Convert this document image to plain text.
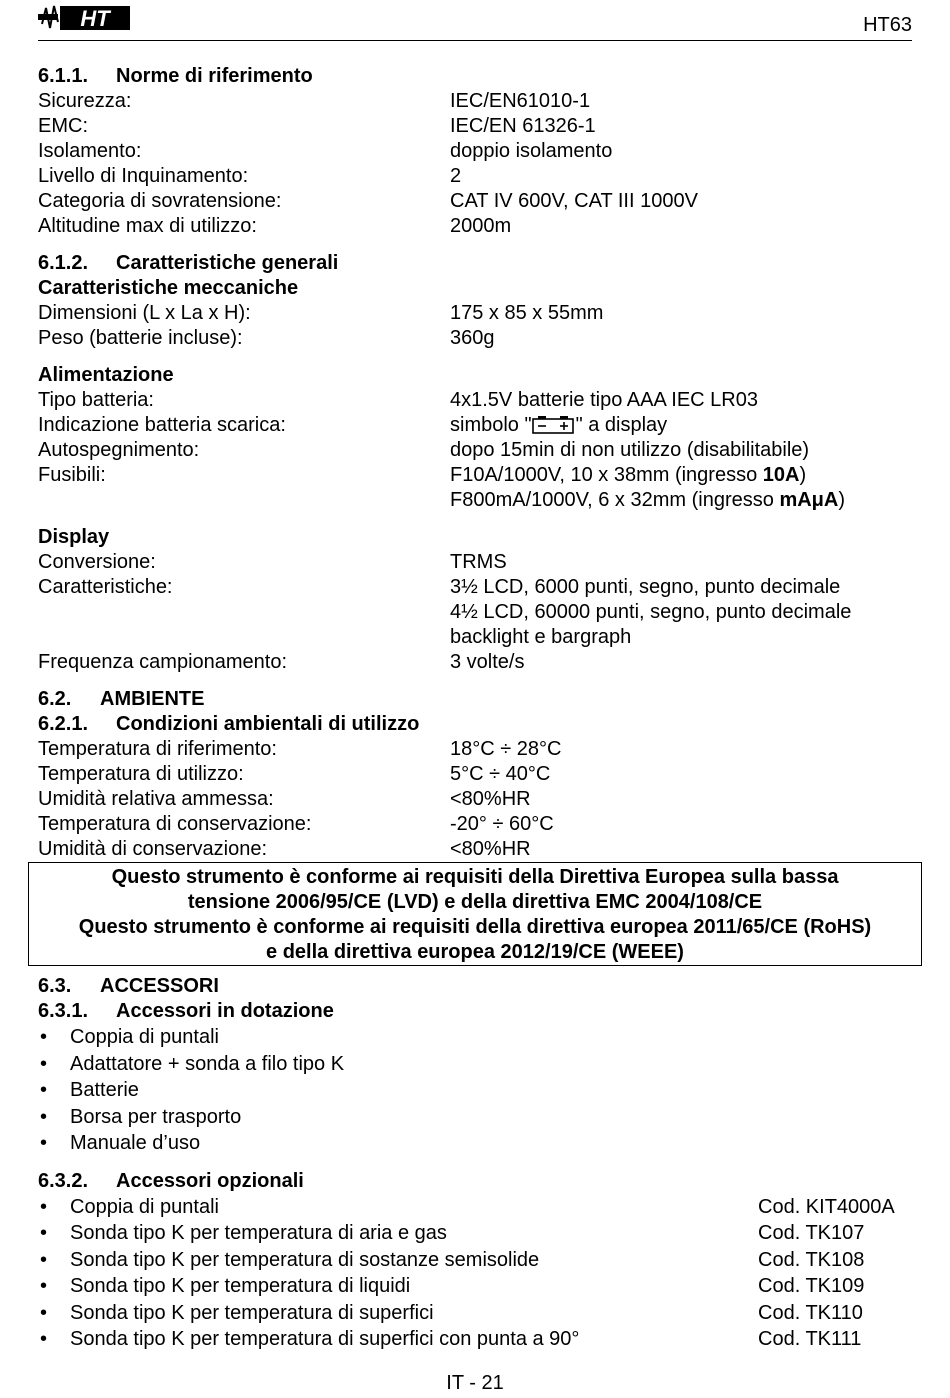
HT	HT63
6.1.1. Norme di riferimento
Sicurezza:	IEC/EN61010-1
EMC:	IEC/EN 61326-1
Isolamento:	doppio isolamento
Livello di Inquinamento:	2
Categoria di sovratensione:	CAT IV 600V, CAT III 1000V
Altitudine max di utilizzo:	2000m
6.1.2. Caratteristiche generali
Caratteristiche meccaniche
Dimensioni (L x La x H):	175 x 85 x 55mm
Peso (batterie incluse):	360g
Alimentazione
Tipo batteria:	4x1.5V batterie tipo AAA IEC LR03
Indicazione batteria scarica:	simbolo " " a display
Autospegnimento:	dopo 15min di non utilizzo (disabilitabile)
Fusibili:	F10A/1000V, 10 x 38mm (ingresso 10A)
F800mA/1000V, 6 x 32mm (ingresso mAμA)
Display
Conversione:	TRMS
Caratteristiche:	3½ LCD, 6000 punti, segno, punto decimale
4½ LCD, 60000 punti, segno, punto decimale
backlight e bargraph
Frequenza campionamento:	3 volte/s
6.2. AMBIENTE
6.2.1. Condizioni ambientali di utilizzo
Temperatura di riferimento:	18°C ÷ 28°C
Temperatura di utilizzo:	5°C ÷ 40°C
Umidità relativa ammessa:	<80%HR
Temperatura di conservazione:	-20° ÷ 60°C
Umidità di conservazione:	<80%HR
Questo strumento è conforme ai requisiti della Direttiva Europea sulla bassa
tensione 2006/95/CE (LVD) e della direttiva EMC 2004/108/CE
Questo strumento è conforme ai requisiti della direttiva europea 2011/65/CE (RoHS)
e della direttiva europea 2012/19/CE (WEEE)
6.3. ACCESSORI
6.3.1. Accessori in dotazione
• Coppia di puntali
• Adattatore + sonda a filo tipo K
• Batterie
• Borsa per trasporto
• Manuale d’uso
6.3.2. Accessori opzionali
• Coppia di puntali	Cod. KIT4000A
• Sonda tipo K per temperatura di aria e gas	Cod. TK107
• Sonda tipo K per temperatura di sostanze semisolide	Cod. TK108
• Sonda tipo K per temperatura di liquidi	Cod. TK109
• Sonda tipo K per temperatura di superfici	Cod. TK110
• Sonda tipo K per temperatura di superfici con punta a 90°	Cod. TK111
IT - 21
